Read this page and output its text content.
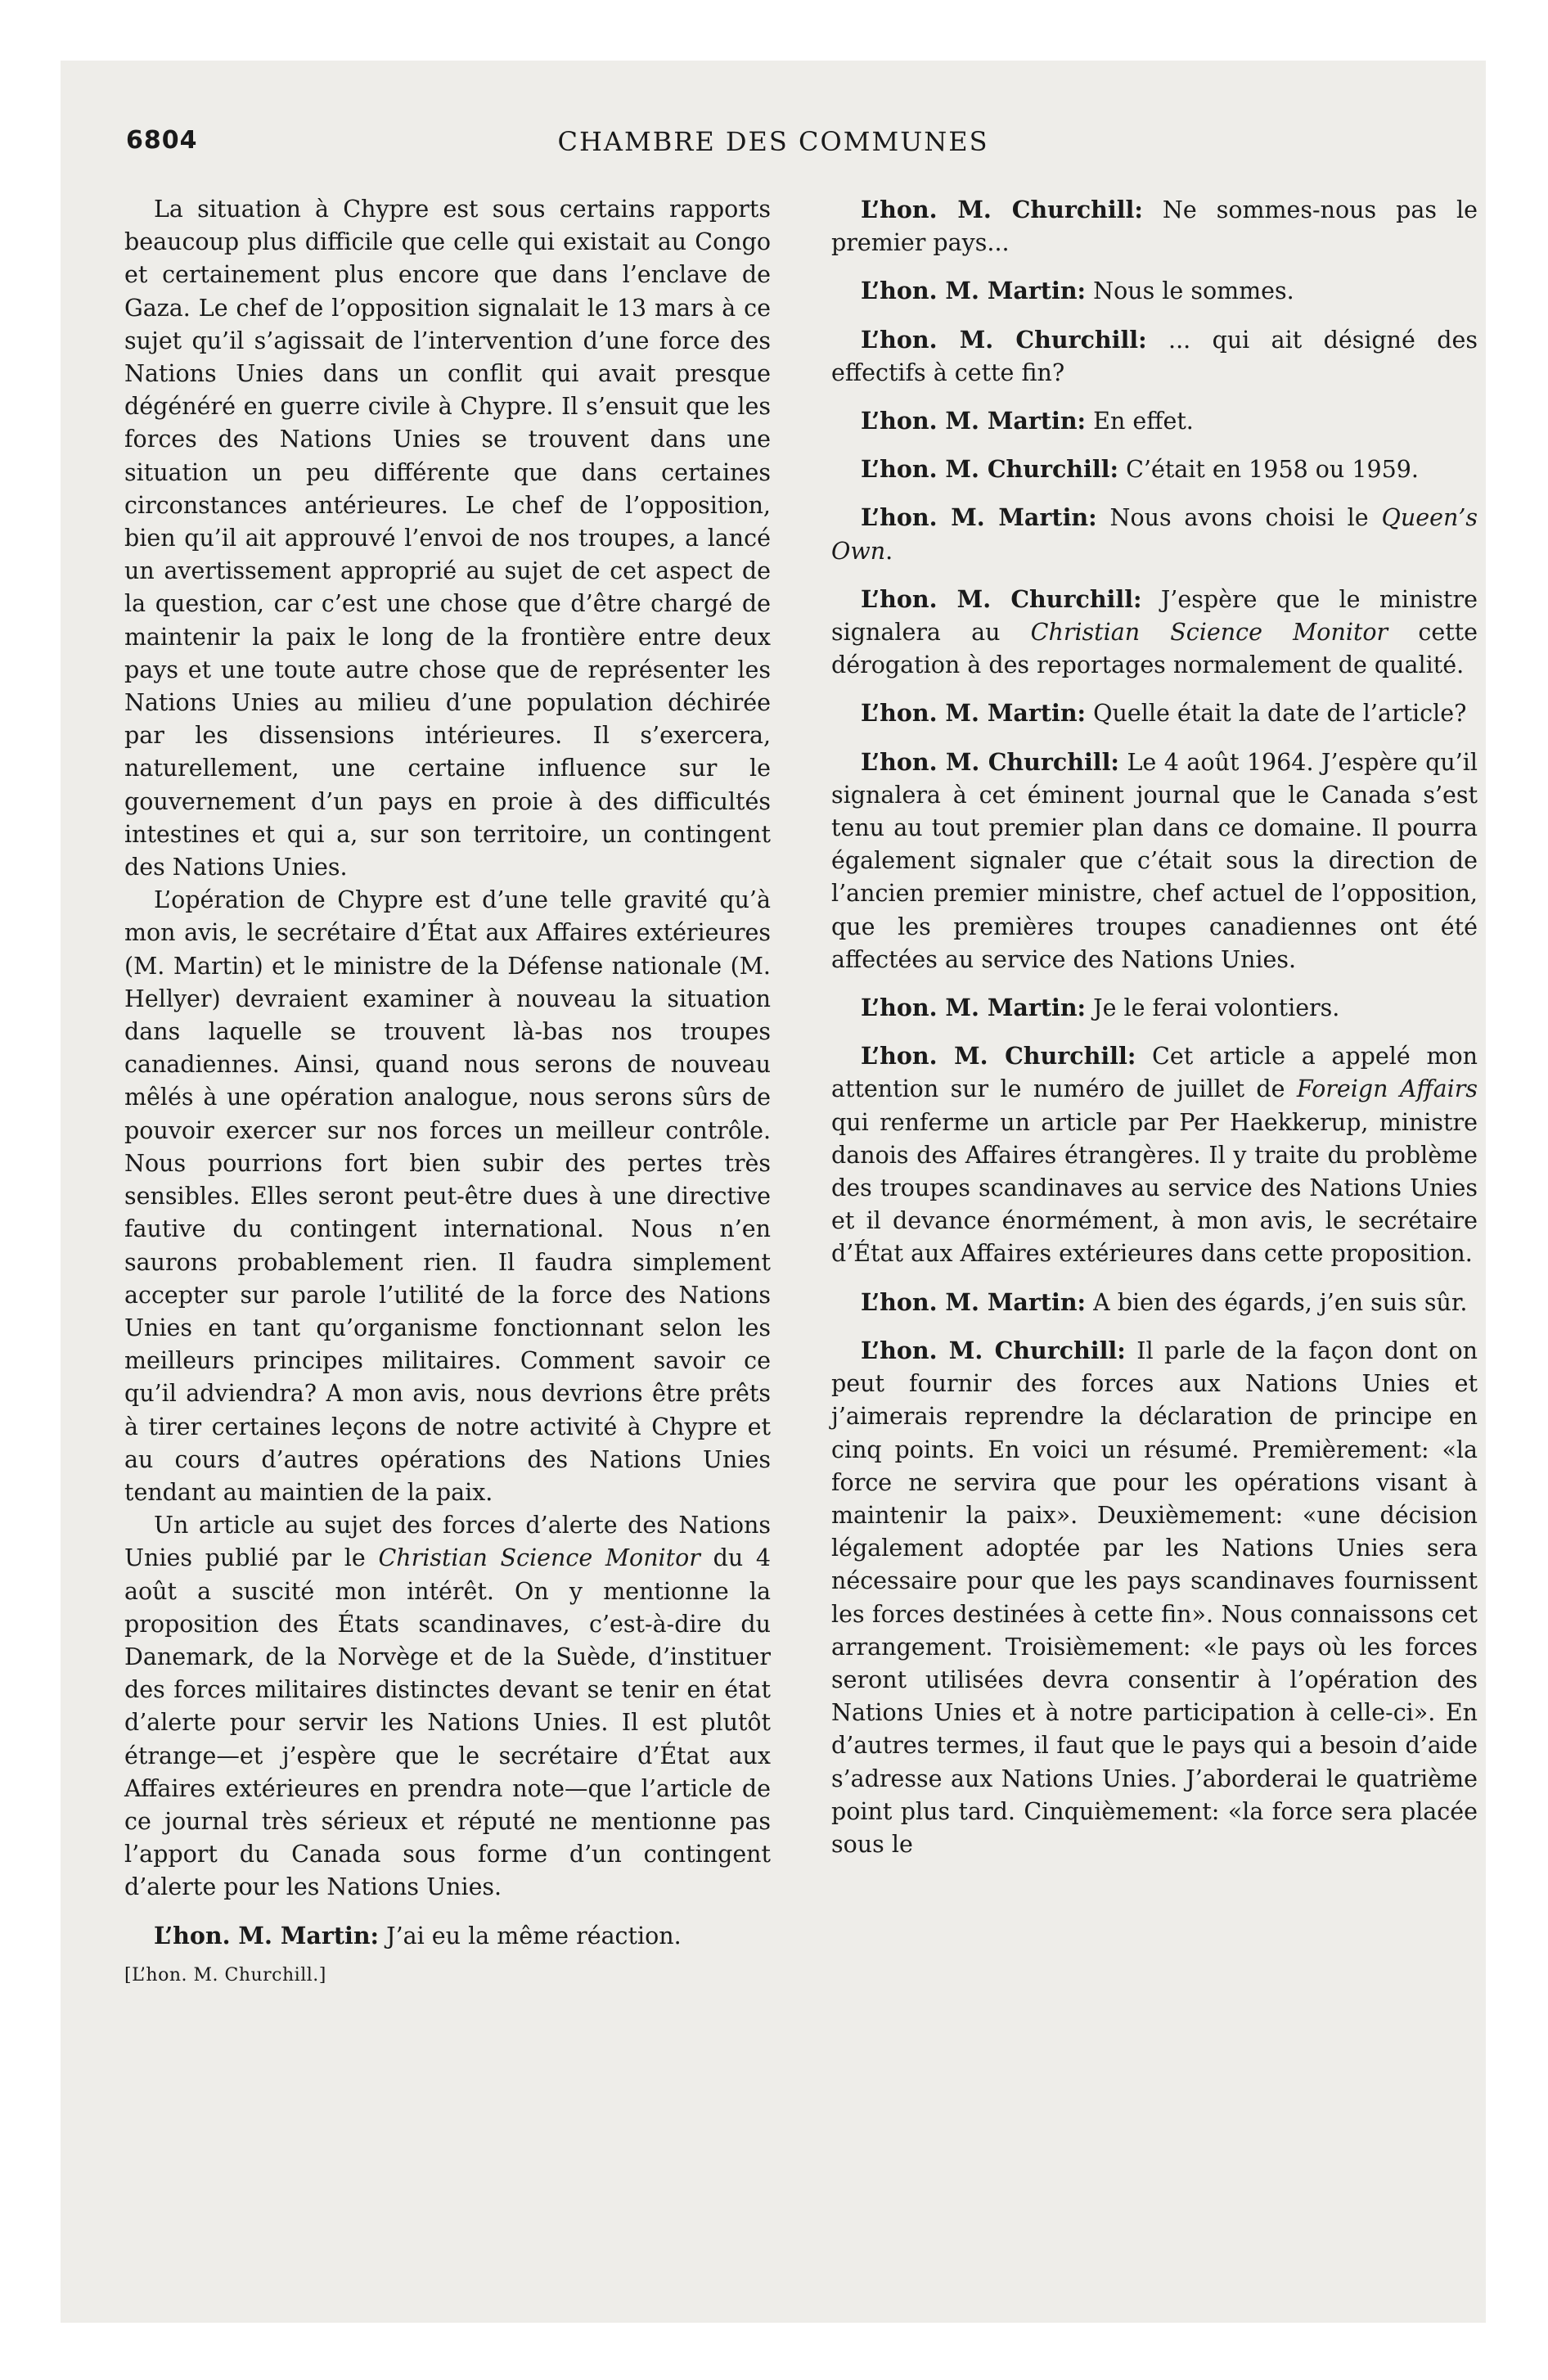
6804	CHAMBRE DES COMMUNES

La situation à Chypre est sous certains rapports beaucoup plus difficile que celle qui existait au Congo et certainement plus encore que dans l’enclave de Gaza. Le chef de l’opposition signalait le 13 mars à ce sujet qu’il s’agissait de l’intervention d’une force des Nations Unies dans un conflit qui avait presque dégénéré en guerre civile à Chypre. Il s’ensuit que les forces des Nations Unies se trouvent dans une situation un peu différente que dans certaines circonstances antérieures. Le chef de l’opposition, bien qu’il ait approuvé l’envoi de nos troupes, a lancé un avertissement approprié au sujet de cet aspect de la question, car c’est une chose que d’être chargé de maintenir la paix le long de la frontière entre deux pays et une toute autre chose que de représenter les Nations Unies au milieu d’une population déchirée par les dissensions intérieures. Il s’exercera, naturellement, une certaine influence sur le gouvernement d’un pays en proie à des difficultés intestines et qui a, sur son territoire, un contingent des Nations Unies.

L’opération de Chypre est d’une telle gravité qu’à mon avis, le secrétaire d’État aux Affaires extérieures (M. Martin) et le ministre de la Défense nationale (M. Hellyer) devraient examiner à nouveau la situation dans laquelle se trouvent là-bas nos troupes canadiennes. Ainsi, quand nous serons de nouveau mêlés à une opération analogue, nous serons sûrs de pouvoir exercer sur nos forces un meilleur contrôle. Nous pourrions fort bien subir des pertes très sensibles. Elles seront peut-être dues à une directive fautive du contingent international. Nous n’en saurons probablement rien. Il faudra simplement accepter sur parole l’utilité de la force des Nations Unies en tant qu’organisme fonctionnant selon les meilleurs principes militaires. Comment savoir ce qu’il adviendra? A mon avis, nous devrions être prêts à tirer certaines leçons de notre activité à Chypre et au cours d’autres opérations des Nations Unies tendant au maintien de la paix.

Un article au sujet des forces d’alerte des Nations Unies publié par le Christian Science Monitor du 4 août a suscité mon intérêt. On y mentionne la proposition des États scandinaves, c’est-à-dire du Danemark, de la Norvège et de la Suède, d’instituer des forces militaires distinctes devant se tenir en état d’alerte pour servir les Nations Unies. Il est plutôt étrange—et j’espère que le secrétaire d’État aux Affaires extérieures en prendra note—que l’article de ce journal très sérieux et réputé ne mentionne pas l’apport du Canada sous forme d’un contingent d’alerte pour les Nations Unies.

L’hon. M. Martin: J’ai eu la même réaction.

[L’hon. M. Churchill.]

L’hon. M. Churchill: Ne sommes-nous pas le premier pays...

L’hon. M. Martin: Nous le sommes.

L’hon. M. Churchill: ... qui ait désigné des effectifs à cette fin?

L’hon. M. Martin: En effet.

L’hon. M. Churchill: C’était en 1958 ou 1959.

L’hon. M. Martin: Nous avons choisi le Queen’s Own.

L’hon. M. Churchill: J’espère que le ministre signalera au Christian Science Monitor cette dérogation à des reportages normalement de qualité.

L’hon. M. Martin: Quelle était la date de l’article?

L’hon. M. Churchill: Le 4 août 1964. J’espère qu’il signalera à cet éminent journal que le Canada s’est tenu au tout premier plan dans ce domaine. Il pourra également signaler que c’était sous la direction de l’ancien premier ministre, chef actuel de l’opposition, que les premières troupes canadiennes ont été affectées au service des Nations Unies.

L’hon. M. Martin: Je le ferai volontiers.

L’hon. M. Churchill: Cet article a appelé mon attention sur le numéro de juillet de Foreign Affairs qui renferme un article par Per Haekkerup, ministre danois des Affaires étrangères. Il y traite du problème des troupes scandinaves au service des Nations Unies et il devance énormément, à mon avis, le secrétaire d’État aux Affaires extérieures dans cette proposition.

L’hon. M. Martin: A bien des égards, j’en suis sûr.

L’hon. M. Churchill: Il parle de la façon dont on peut fournir des forces aux Nations Unies et j’aimerais reprendre la déclaration de principe en cinq points. En voici un résumé. Premièrement: «la force ne servira que pour les opérations visant à maintenir la paix». Deuxièmement: «une décision légalement adoptée par les Nations Unies sera nécessaire pour que les pays scandinaves fournissent les forces destinées à cette fin». Nous connaissons cet arrangement. Troisièmement: «le pays où les forces seront utilisées devra consentir à l’opération des Nations Unies et à notre participation à celle-ci». En d’autres termes, il faut que le pays qui a besoin d’aide s’adresse aux Nations Unies. J’aborderai le quatrième point plus tard. Cinquièmement: «la force sera placée sous le
